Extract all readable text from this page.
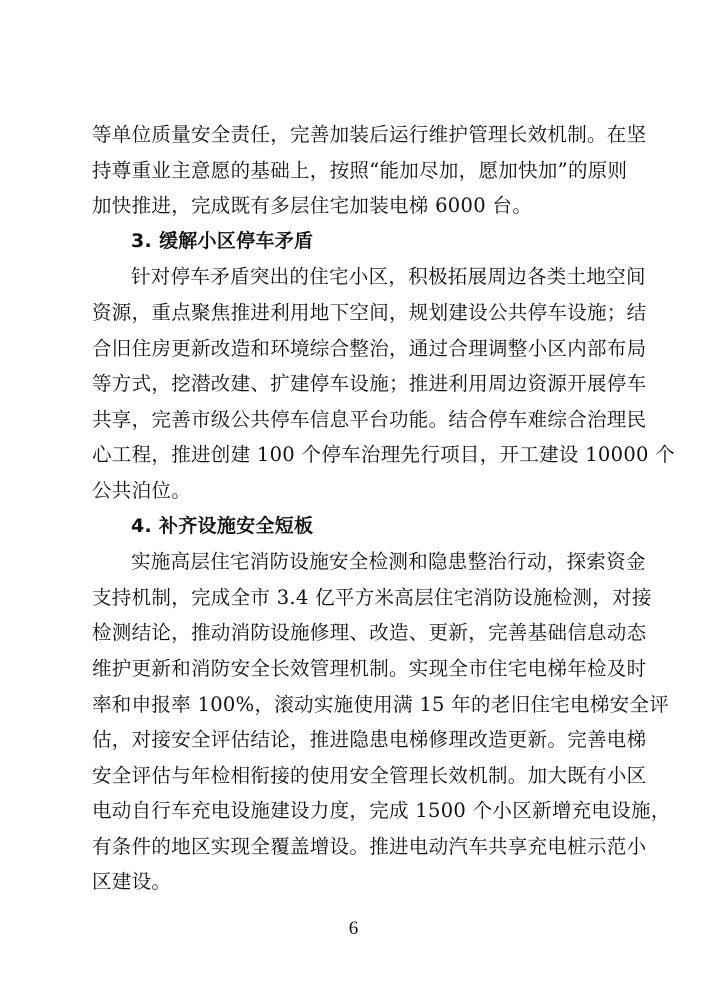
等单位质量安全责任，完善加装后运行维护管理长效机制。在坚
持尊重业主意愿的基础上，按照“能加尽加，愿加快加”的原则
加快推进，完成既有多层住宅加装电梯 6000 台。
3. 缓解小区停车矛盾
针对停车矛盾突出的住宅小区，积极拓展周边各类土地空间
资源，重点聚焦推进利用地下空间，规划建设公共停车设施；结
合旧住房更新改造和环境综合整治，通过合理调整小区内部布局
等方式，挖潜改建、扩建停车设施；推进利用周边资源开展停车
共享，完善市级公共停车信息平台功能。结合停车难综合治理民
心工程，推进创建 100 个停车治理先行项目，开工建设 10000 个
公共泊位。
4. 补齐设施安全短板
实施高层住宅消防设施安全检测和隐患整治行动，探索资金
支持机制，完成全市 3.4 亿平方米高层住宅消防设施检测，对接
检测结论，推动消防设施修理、改造、更新，完善基础信息动态
维护更新和消防安全长效管理机制。实现全市住宅电梯年检及时
率和申报率 100%，滚动实施使用满 15 年的老旧住宅电梯安全评
估，对接安全评估结论，推进隐患电梯修理改造更新。完善电梯
安全评估与年检相衔接的使用安全管理长效机制。加大既有小区
电动自行车充电设施建设力度，完成 1500 个小区新增充电设施，
有条件的地区实现全覆盖增设。推进电动汽车共享充电桩示范小
区建设。
6
